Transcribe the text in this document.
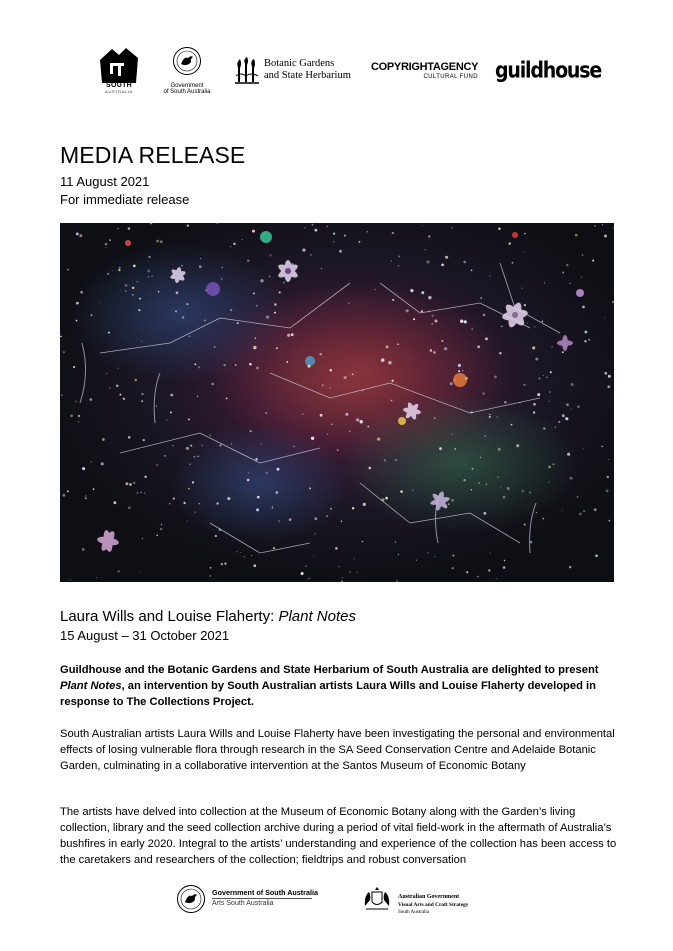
SOUTH
AUSTRALIA
Government
of South Australia
Botanic Gardens
and State Herbarium
COPYRIGHTAGENCY
CULTURAL FUND guildhouse
MEDIA RELEASE
11 August 2021
For immediate release
Laura Wills and Louise Flaherty: Plant Notes
15 August – 31 October 2021

Guildhouse and the Botanic Gardens and State Herbarium of South Australia are delighted to present Plant Notes, an intervention by South Australian artists Laura Wills and Louise Flaherty developed in response to The Collections Project.

South Australian artists Laura Wills and Louise Flaherty have been investigating the personal and environmental effects of losing vulnerable flora through research in the SA Seed Conservation Centre and Adelaide Botanic Garden, culminating in a collaborative intervention at the Santos Museum of Economic Botany

The artists have delved into collection at the Museum of Economic Botany along with the Garden’s living collection, library and the seed collection archive during a period of vital field-work in the aftermath of Australia’s bushfires in early 2020. Integral to the artists’ understanding and experience of the collection has been access to the caretakers and researchers of the collection; fieldtrips and robust conversation

Government of South Australia
Arts South Australia
Australian Government
Visual Arts and Craft Strategy
South Australia
